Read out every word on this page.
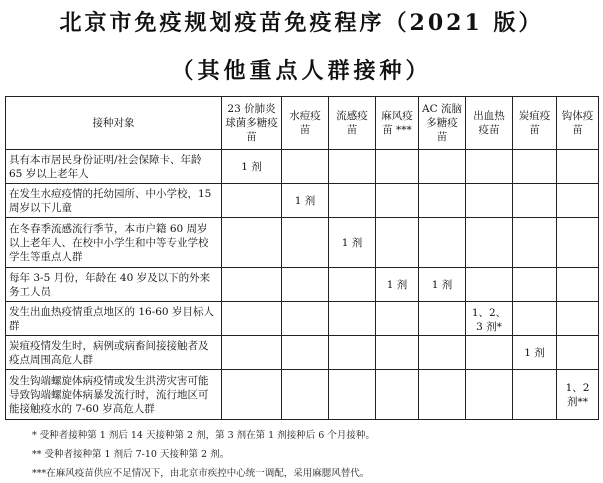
北京市免疫规划疫苗免疫程序（2021 版）
（其他重点人群接种）
接种对象	23 价肺炎球菌多糖疫苗	水痘疫苗	流感疫苗	麻风疫苗 ***	AC 流脑多糖疫苗	出血热疫苗	炭疽疫苗	钩体疫苗
具有本市居民身份证明/社会保障卡、年龄 65 岁以上老年人	1 剂							
在发生水痘疫情的托幼园所、中小学校，15 周岁以下儿童		1 剂						
在冬春季流感流行季节，本市户籍 60 周岁以上老年人、在校中小学生和中等专业学校学生等重点人群			1 剂					
每年 3-5 月份，年龄在 40 岁及以下的外来务工人员				1 剂	1 剂			
发生出血热疫情重点地区的 16-60 岁目标人群						1、2、3 剂*		
炭疽疫情发生时，病例或病畜间接接触者及疫点周围高危人群							1 剂	
发生钩端螺旋体病疫情或发生洪涝灾害可能导致钩端螺旋体病暴发流行时，流行地区可能接触疫水的 7-60 岁高危人群								1、2 剂**
* 受种者接种第 1 剂后 14 天接种第 2 剂，第 3 剂在第 1 剂接种后 6 个月接种。
** 受种者接种第 1 剂后 7-10 天接种第 2 剂。
***在麻风疫苗供应不足情况下，由北京市疾控中心统一调配，采用麻腮风替代。
